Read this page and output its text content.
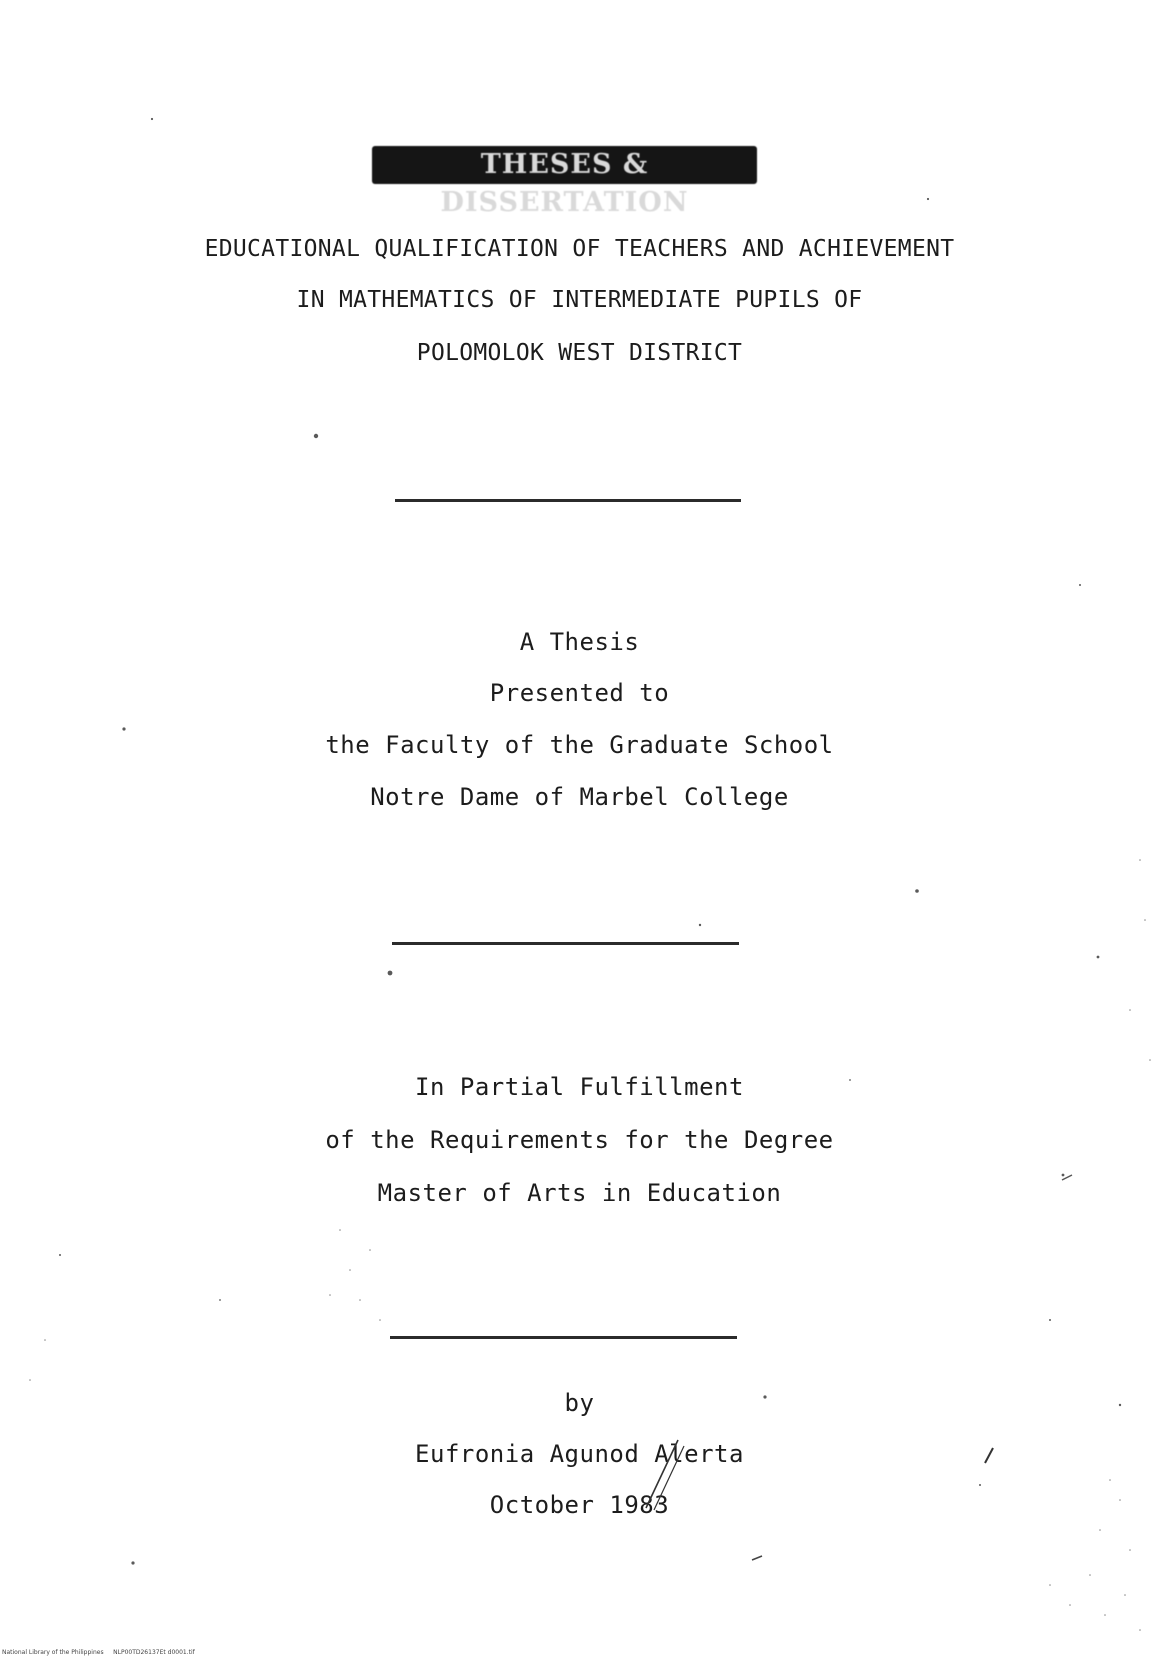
THESES & DISSERTATION
EDUCATIONAL QUALIFICATION OF TEACHERS AND ACHIEVEMENT
IN MATHEMATICS OF INTERMEDIATE PUPILS OF
POLOMOLOK WEST DISTRICT
A Thesis
Presented to
the Faculty of the Graduate School
Notre Dame of Marbel College
In Partial Fulfillment
of the Requirements for the Degree
Master of Arts in Education
by
Eufronia Agunod Alerta
October 1983
National Library of the Philippines NLP00TD26137Et d0001.tif
